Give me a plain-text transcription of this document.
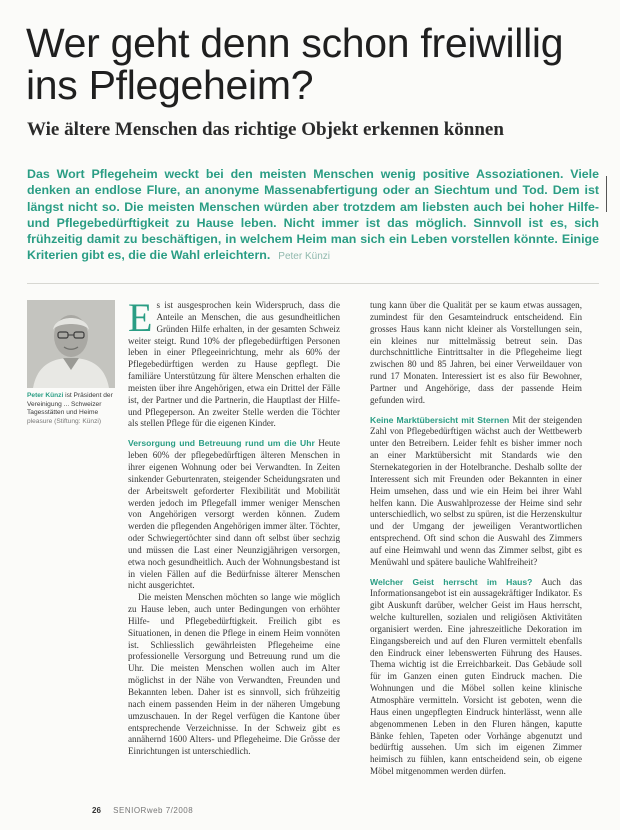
Wer geht denn schon freiwillig ins Pflegeheim?
Wie ältere Menschen das richtige Objekt erkennen können

Das Wort Pflegeheim weckt bei den meisten Menschen wenig positive Assoziationen. Viele denken an endlose Flure, an anonyme Massenabfertigung oder an Siechtum und Tod. Dem ist längst nicht so. Die meisten Menschen würden aber trotzdem am liebsten auch bei hoher Hilfe- und Pflegebedürftigkeit zu Hause leben. Nicht immer ist das möglich. Sinnvoll ist es, sich frühzeitig damit zu beschäftigen, in welchem Heim man sich ein Leben vorstellen könnte. Einige Kriterien gibt es, die die Wahl erleichtern. Peter Künzi

Peter Künzi ist Präsident der Vereinigung ... Schweizer Tagesstätten und Heime
pleasure (Stiftung: Künzi)

Es ist ausgesprochen kein Widerspruch, dass die Anteile an Menschen, die aus gesundheitlichen Gründen Hilfe erhalten, in der gesamten Schweiz weiter steigt. Rund 10% der pflegebedürftigen Personen leben in einer Pflegeeinrichtung, mehr als 60% der Pflegebedürftigen werden zu Hause gepflegt. Die familiäre Unterstützung für ältere Menschen erhalten die meisten über ihre Angehörigen, etwa ein Drittel der Fälle ist, der Partner und die Partnerin, die Hauptlast der Hilfe- und Pflegeperson. An zweiter Stelle werden die Töchter als stellen Pflege für die eigenen Kinder.

Versorgung und Betreuung rund um die Uhr Heute leben 60% der pflegebedürftigen älteren Menschen in ihrer eigenen Wohnung oder bei Verwandten. In Zeiten sinkender Geburtenraten, steigender Scheidungsraten und der Arbeitswelt geforderter Flexibilität und Mobilität werden jedoch im Pflegefall immer weniger Menschen von Angehörigen versorgt werden können. Zudem werden die pflegenden Angehörigen immer älter. Töchter, oder Schwiegertöchter sind dann oft selbst über sechzig und müssen die Last einer Neunzigjährigen versorgen, etwa noch gesundheitlich. Auch der Wohnungsbestand ist in vielen Fällen auf die Bedürfnisse älterer Menschen nicht ausgerichtet.

Die meisten Menschen möchten so lange wie möglich zu Hause leben, auch unter Bedingungen von erhöhter Hilfe- und Pflegebedürftigkeit. Freilich gibt es Situationen, in denen die Pflege in einem Heim vonnöten ist. Schliesslich gewährleisten Pflegeheime eine professionelle Versorgung und Betreuung rund um die Uhr. Die meisten Menschen wollen auch im Alter möglichst in der Nähe von Verwandten, Freunden und Bekannten leben. Daher ist es sinnvoll, sich frühzeitig nach einem passenden Heim in der näheren Umgebung umzuschauen. In der Regel verfügen die Kantone über entsprechende Verzeichnisse. In der Schweiz gibt es annähernd 1600 Alters- und Pflegeheime. Die Grösse der Einrichtungen ist unterschiedlich.

tung kann über die Qualität per se kaum etwas aussagen, zumindest für den Gesamteindruck entscheidend. Ein grosses Haus kann nicht kleiner als Vorstellungen sein, ein kleines nur mittelmässig betreut sein. Das durchschnittliche Eintrittsalter in die Pflegeheime liegt zwischen 80 und 85 Jahren, bei einer Verweildauer von rund 17 Monaten. Interessiert ist es also für Bewohner, Partner und Angehörige, dass der passende Heim gefunden wird.

Keine Marktübersicht mit Sternen Mit der steigenden Zahl von Pflegebedürftigen wächst auch der Wettbewerb unter den Betreibern. Leider fehlt es bisher immer noch an einer Marktübersicht mit Standards wie den Sternekategorien in der Hotelbranche. Deshalb sollte der Interessent sich mit Freunden oder Bekannten in einer Heim umsehen, dass und wie ein Heim bei ihrer Wahl helfen kann. Die Auswahlprozesse der Heime sind sehr unterschiedlich, wo selbst zu spüren, ist die Herzenskultur und der Umgang der jeweiligen Verantwortlichen entsprechend. Oft sind schon die Auswahl des Zimmers auf eine Heimwahl und wenn das Zimmer selbst, gibt es Menüwahl und spätere bauliche Wahlfreiheit?

Welcher Geist herrscht im Haus? Auch das Informationsangebot ist ein aussagekräftiger Indikator. Es gibt Auskunft darüber, welcher Geist im Haus herrscht, welche kulturellen, sozialen und religiösen Aktivitäten organisiert werden. Eine jahreszeitliche Dekoration im Eingangsbereich und auf den Fluren vermittelt ebenfalls den Eindruck einer lebenswerten Führung des Hauses. Thema wichtig ist die Erreichbarkeit. Das Gebäude soll für im Ganzen einen guten Eindruck machen. Die Wohnungen und die Möbel sollen keine klinische Atmosphäre vermitteln. Vorsicht ist geboten, wenn die Haus einen ungepflegten Eindruck hinterlässt, wenn alle abgenommenen Leben in den Fluren hängen, kaputte Bänke fehlen, Tapeten oder Vorhänge abgenutzt und bedürftig aussehen. Um sich im eigenen Zimmer heimisch zu fühlen, kann entscheidend sein, ob eigene Möbel mitgenommen werden dürfen.

26 SENIORweb 7/2008
